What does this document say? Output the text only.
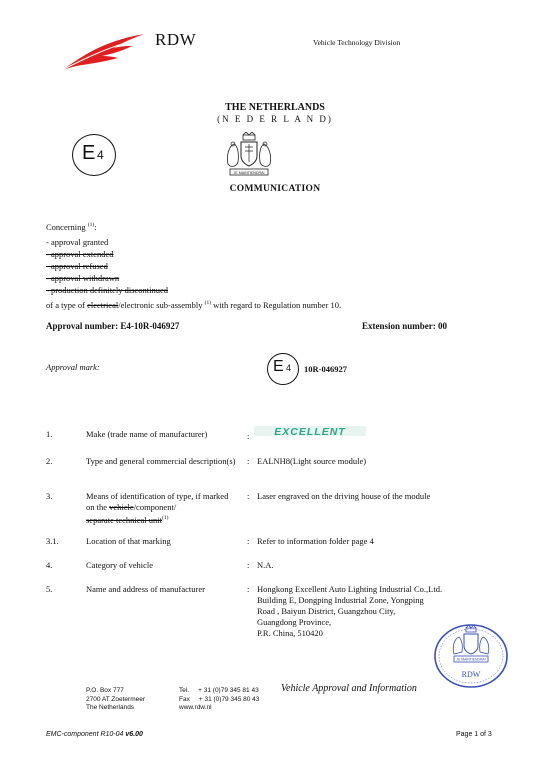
RDW	Vehicle Technology Division
THE NETHERLANDS
(N E D E R L A N D)
E 4
JE MAINTIENDRAI
COMMUNICATION
Concerning $^{(1)}$:
- approval granted
- approval extended
- approval refused
- approval withdrawn
- production definitely discontinued
of a type of electrical/electronic sub-assembly $^{(1)}$ with regard to Regulation number 10.
Approval number: E4-10R-046927	Extension number: 00
Approval mark:	E 4 10R-046927
1.	Make (trade name of manufacturer)	: EXCELLENT
2.	Type and general commercial description(s) : EALNH8(Light source module)
3.	Means of identification of type, if marked on the vehicle/component/
separate technical unit$^{(1)}$
: Laser engraved on the driving house of the module
3.1.	Location of that marking	: Refer to information folder page 4
4.	Category of vehicle	: N.A.
5.	Name and address of manufacturer	: Hongkong Excellent Auto Lighting Industrial Co.,Ltd.
Building E, Dongping Industrial Zone, Yongping
Road , Baiyun District, Guangzhou City,
Guangdong Province,
P.R. China, 510420
JE MAINTIENDRAI
RDW
P.O. Box 777
2700 AT Zoetermeer
The Netherlands
Tel.     + 31 (0)79 345 81 43
Fax     + 31 (0)79 345 80 43
www.rdw.nl
Vehicle Approval and Information
EMC-component R10-04 v6.00	Page 1 of 3
